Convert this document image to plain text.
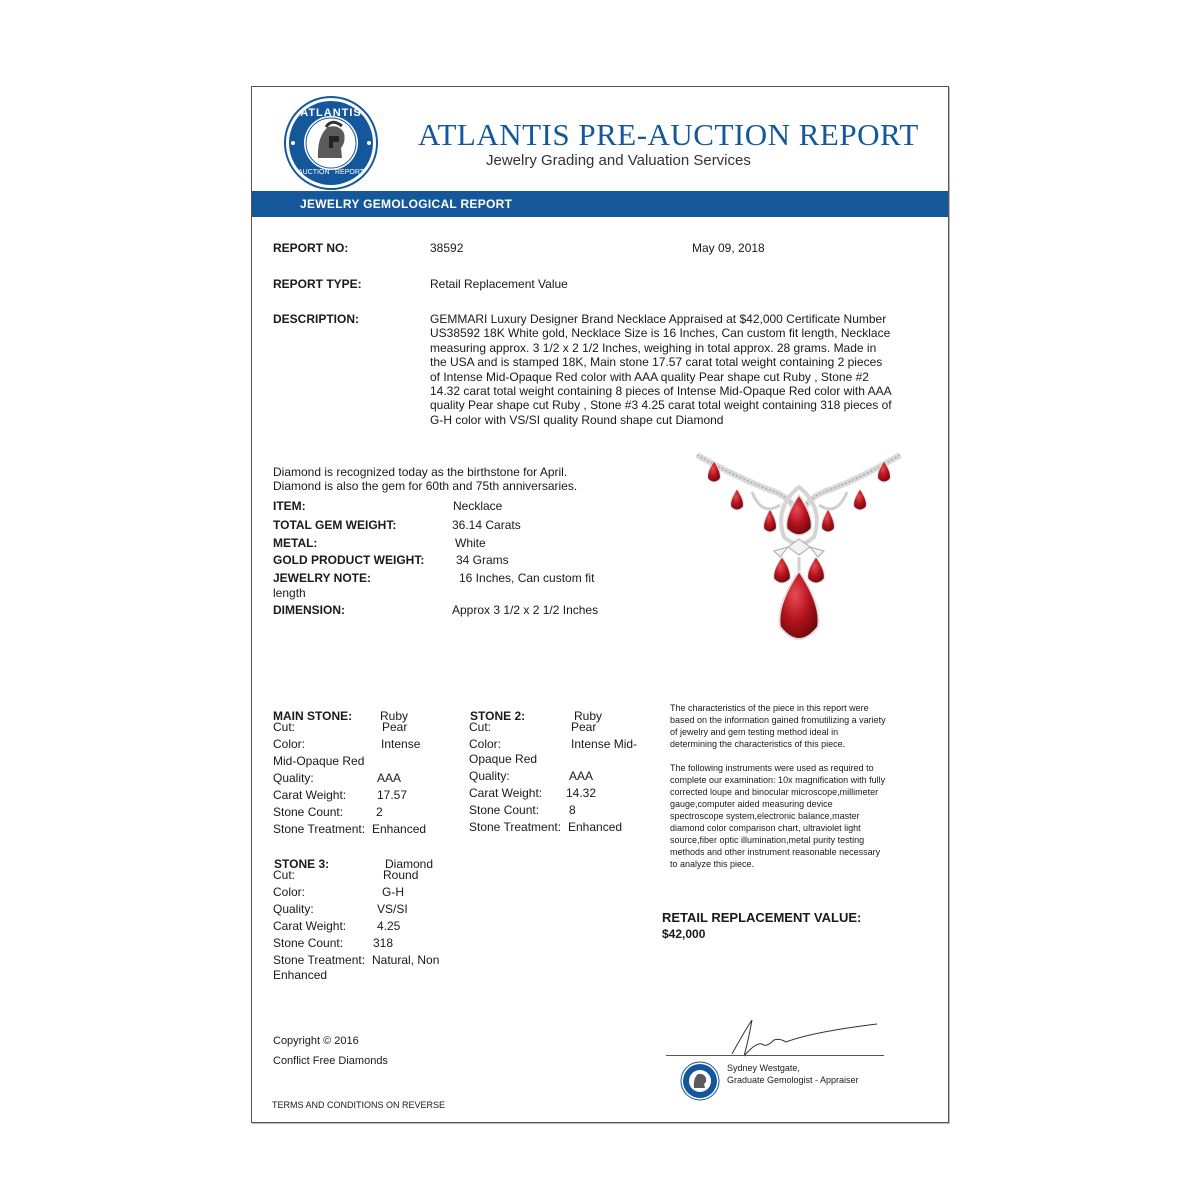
ATLANTIS
AUCTION REPORT
ATLANTIS PRE-AUCTION REPORT
Jewelry Grading and Valuation Services
JEWELRY GEMOLOGICAL REPORT
REPORT NO:	38592	May 09, 2018
REPORT TYPE:	Retail Replacement Value
DESCRIPTION:	GEMMARI Luxury Designer Brand Necklace Appraised at $42,000 Certificate Number
US38592 18K White gold, Necklace Size is 16 Inches, Can custom fit length, Necklace
measuring approx. 3 1/2 x 2 1/2 Inches, weighing in total approx. 28 grams. Made in
the USA and is stamped 18K, Main stone 17.57 carat total weight containing 2 pieces
of Intense Mid-Opaque Red color with AAA quality Pear shape cut Ruby , Stone #2
14.32 carat total weight containing 8 pieces of Intense Mid-Opaque Red color with AAA
quality Pear shape cut Ruby , Stone #3 4.25 carat total weight containing 318 pieces of
G-H color with VS/SI quality Round shape cut Diamond
Diamond is recognized today as the birthstone for April.
Diamond is also the gem for 60th and 75th anniversaries.
ITEM:	Necklace
TOTAL GEM WEIGHT:	36.14 Carats
METAL:	White
GOLD PRODUCT WEIGHT:	34 Grams
JEWELRY NOTE:	16 Inches, Can custom fit
length
DIMENSION:	Approx 3 1/2 x 2 1/2 Inches
MAIN STONE: Ruby
Cut:	Pear
Color:	Intense
Mid-Opaque Red
Quality:	AAA
Carat Weight:	17.57
Stone Count:	2
Stone Treatment: Enhanced
STONE 2:	Ruby
Cut:	Pear
Color:	Intense Mid-
Opaque Red
Quality:	AAA
Carat Weight: 14.32
Stone Count: 8
Stone Treatment: Enhanced
STONE 3:	Diamond
Cut:	Round
Color:	G-H
Quality:	VS/SI
Carat Weight:	4.25
Stone Count: 318
Stone Treatment: Natural, Non
Enhanced
The characteristics of the piece in this report were
based on the information gained fromutilizing a variety
of jewelry and gem testing method ideal in
determining the characteristics of this piece.
The following instruments were used as required to
complete our examination: 10x magnification with fully
corrected loupe and binocular microscope,millimeter
gauge,computer aided measuring device
spectroscope system,electronic balance,master
diamond color comparison chart, ultraviolet light
source,fiber optic illumination,metal purity testing
methods and other instrument reasonable necessary
to analyze this piece.
RETAIL REPLACEMENT VALUE:
$42,000
Copyright © 2016
Conflict Free Diamonds
TERMS AND CONDITIONS ON REVERSE
Sydney Westgate,
Graduate Gemologist - Appraiser
